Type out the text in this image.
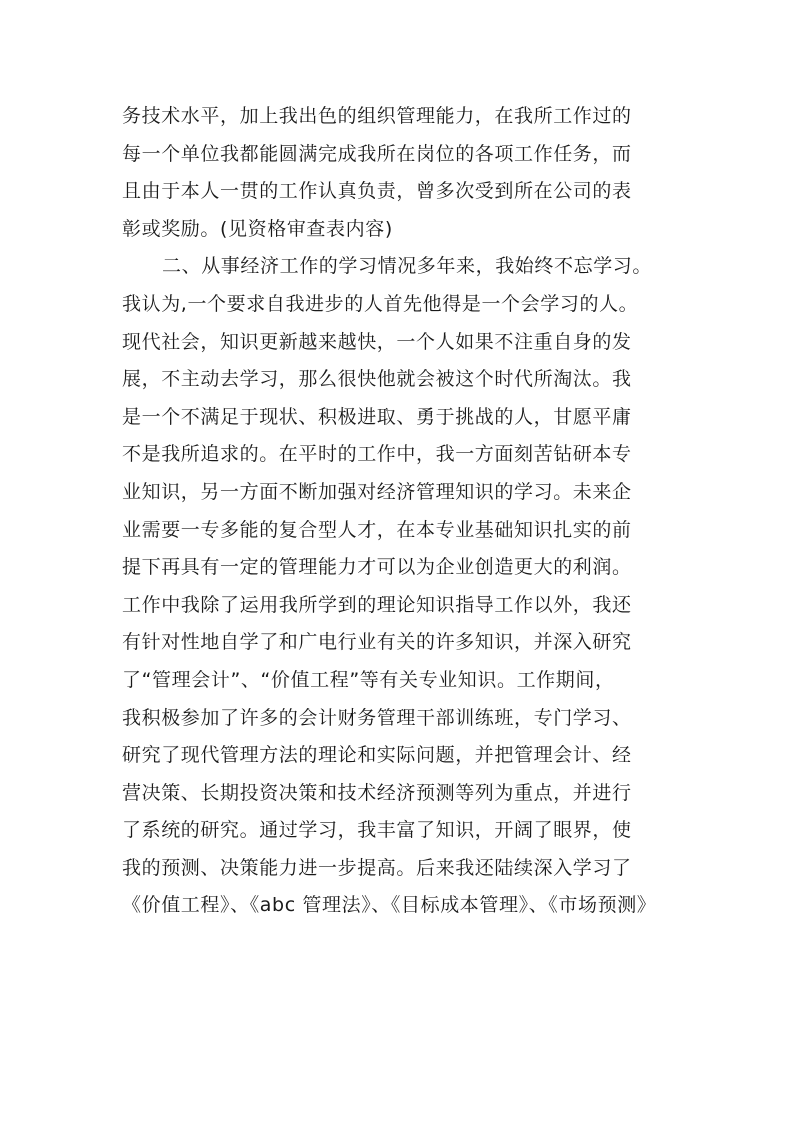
务技术水平，加上我出色的组织管理能力，在我所工作过的
每一个单位我都能圆满完成我所在岗位的各项工作任务，而
且由于本人一贯的工作认真负责，曾多次受到所在公司的表
彰或奖励。(见资格审查表内容)
二、从事经济工作的学习情况多年来，我始终不忘学习。
我认为,一个要求自我进步的人首先他得是一个会学习的人。
现代社会，知识更新越来越快，一个人如果不注重自身的发
展，不主动去学习，那么很快他就会被这个时代所淘汰。我
是一个不满足于现状、积极进取、勇于挑战的人，甘愿平庸
不是我所追求的。在平时的工作中，我一方面刻苦钻研本专
业知识，另一方面不断加强对经济管理知识的学习。未来企
业需要一专多能的复合型人才，在本专业基础知识扎实的前
提下再具有一定的管理能力才可以为企业创造更大的利润。
工作中我除了运用我所学到的理论知识指导工作以外，我还
有针对性地自学了和广电行业有关的许多知识，并深入研究
了“管理会计”、“价值工程”等有关专业知识。工作期间，
我积极参加了许多的会计财务管理干部训练班，专门学习、
研究了现代管理方法的理论和实际问题，并把管理会计、经
营决策、长期投资决策和技术经济预测等列为重点，并进行
了系统的研究。通过学习，我丰富了知识，开阔了眼界，使
我的预测、决策能力进一步提高。后来我还陆续深入学习了
《价值工程》、《abc 管理法》、《目标成本管理》、《市场预测》
